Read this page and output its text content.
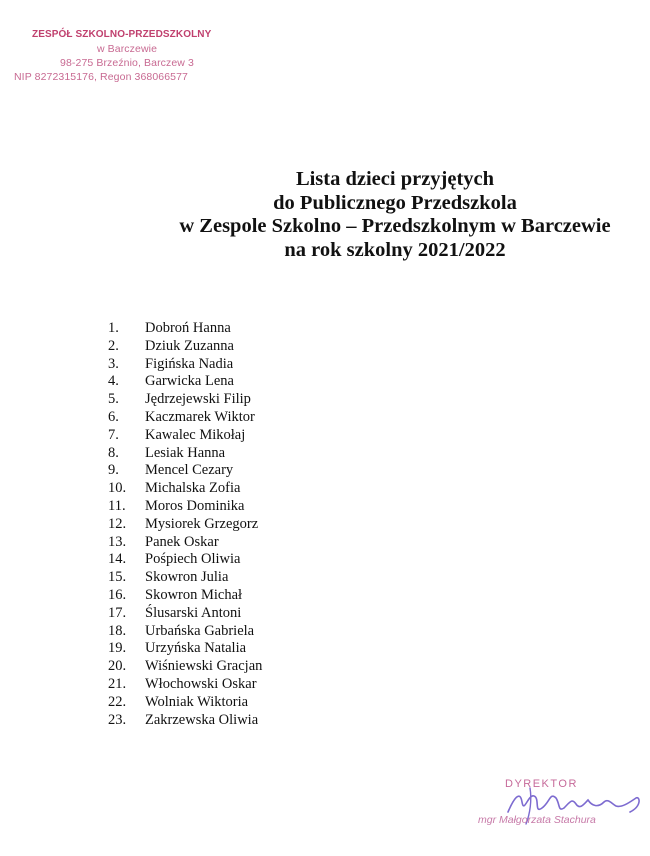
ZESPÓŁ SZKOLNO-PRZEDSZKOLNY
w Barczewie
98-275 Brzeźnio, Barczew 3
NIP 8272315176, Regon 368066577
Lista dzieci przyjętych
do Publicznego Przedszkola
w Zespole Szkolno – Przedszkolnym w Barczewie
na rok szkolny 2021/2022
1.	Dobroń Hanna
2.	Dziuk Zuzanna
3.	Figińska Nadia
4.	Garwicka Lena
5.	Jędrzejewski Filip
6.	Kaczmarek Wiktor
7.	Kawalec Mikołaj
8.	Lesiak Hanna
9.	Mencel Cezary
10.	Michalska Zofia
11.	Moros Dominika
12.	Mysiorek Grzegorz
13.	Panek Oskar
14.	Pośpiech Oliwia
15.	Skowron Julia
16.	Skowron Michał
17.	Ślusarski Antoni
18.	Urbańska Gabriela
19.	Urzyńska Natalia
20.	Wiśniewski Gracjan
21.	Włochowski Oskar
22.	Wolniak Wiktoria
23.	Zakrzewska Oliwia
DYREKTOR
mgr Małgorzata Stachura
